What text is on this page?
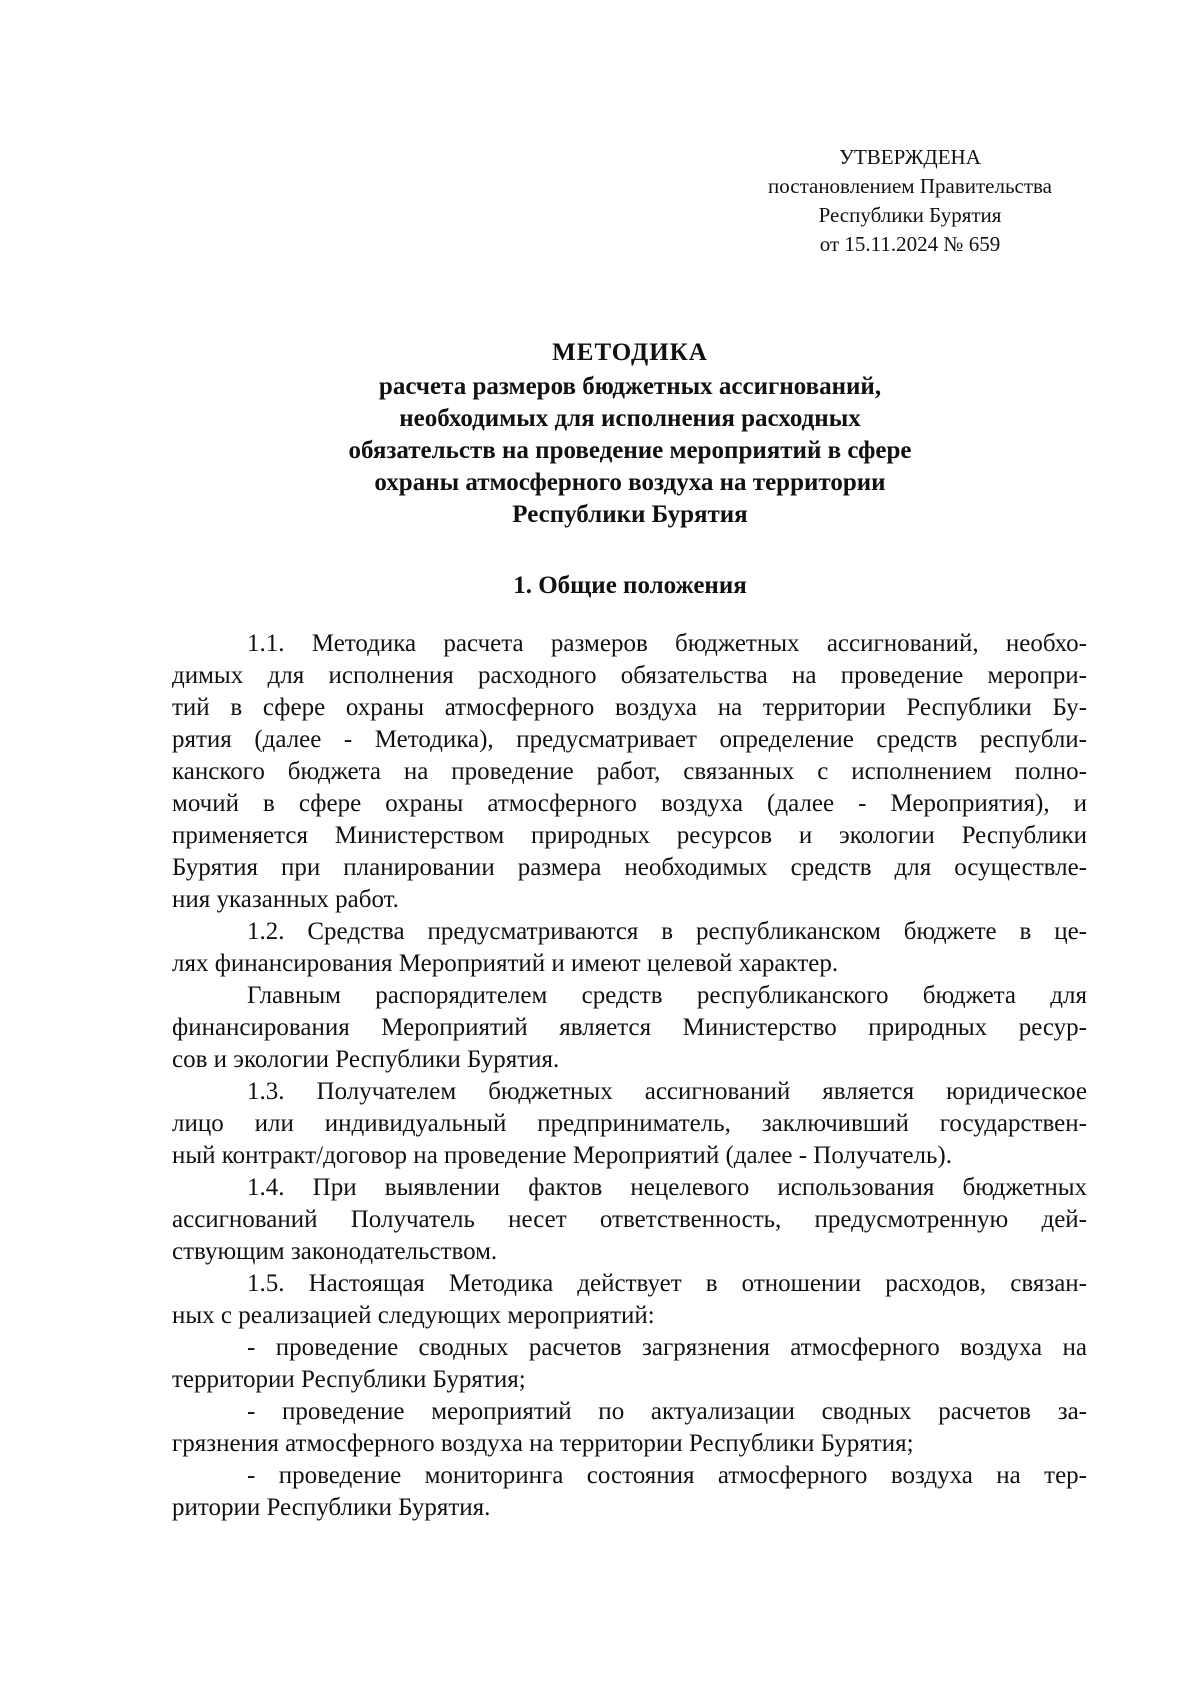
УТВЕРЖДЕНА
постановлением Правительства
Республики Бурятия
от 15.11.2024 № 659
МЕТОДИКА
расчета размеров бюджетных ассигнований,
необходимых для исполнения расходных
обязательств на проведение мероприятий в сфере
охраны атмосферного воздуха на территории
Республики Бурятия
1. Общие положения
1.1. Методика расчета размеров бюджетных ассигнований, необхо-
димых для исполнения расходного обязательства на проведение меропри-
тий в сфере охраны атмосферного воздуха на территории Республики Бу-
рятия (далее - Методика), предусматривает определение средств республи-
канского бюджета на проведение работ, связанных с исполнением полно-
мочий в сфере охраны атмосферного воздуха (далее - Мероприятия), и
применяется Министерством природных ресурсов и экологии Республики
Бурятия при планировании размера необходимых средств для осуществле-
ния указанных работ.
1.2. Средства предусматриваются в республиканском бюджете в це-
лях финансирования Мероприятий и имеют целевой характер.
Главным распорядителем средств республиканского бюджета для
финансирования Мероприятий является Министерство природных ресур-
сов и экологии Республики Бурятия.
1.3. Получателем бюджетных ассигнований является юридическое
лицо или индивидуальный предприниматель, заключивший государствен-
ный контракт/договор на проведение Мероприятий (далее - Получатель).
1.4. При выявлении фактов нецелевого использования бюджетных
ассигнований Получатель несет ответственность, предусмотренную дей-
ствующим законодательством.
1.5. Настоящая Методика действует в отношении расходов, связан-
ных с реализацией следующих мероприятий:
- проведение сводных расчетов загрязнения атмосферного воздуха на
территории Республики Бурятия;
- проведение мероприятий по актуализации сводных расчетов за-
грязнения атмосферного воздуха на территории Республики Бурятия;
- проведение мониторинга состояния атмосферного воздуха на тер-
ритории Республики Бурятия.
